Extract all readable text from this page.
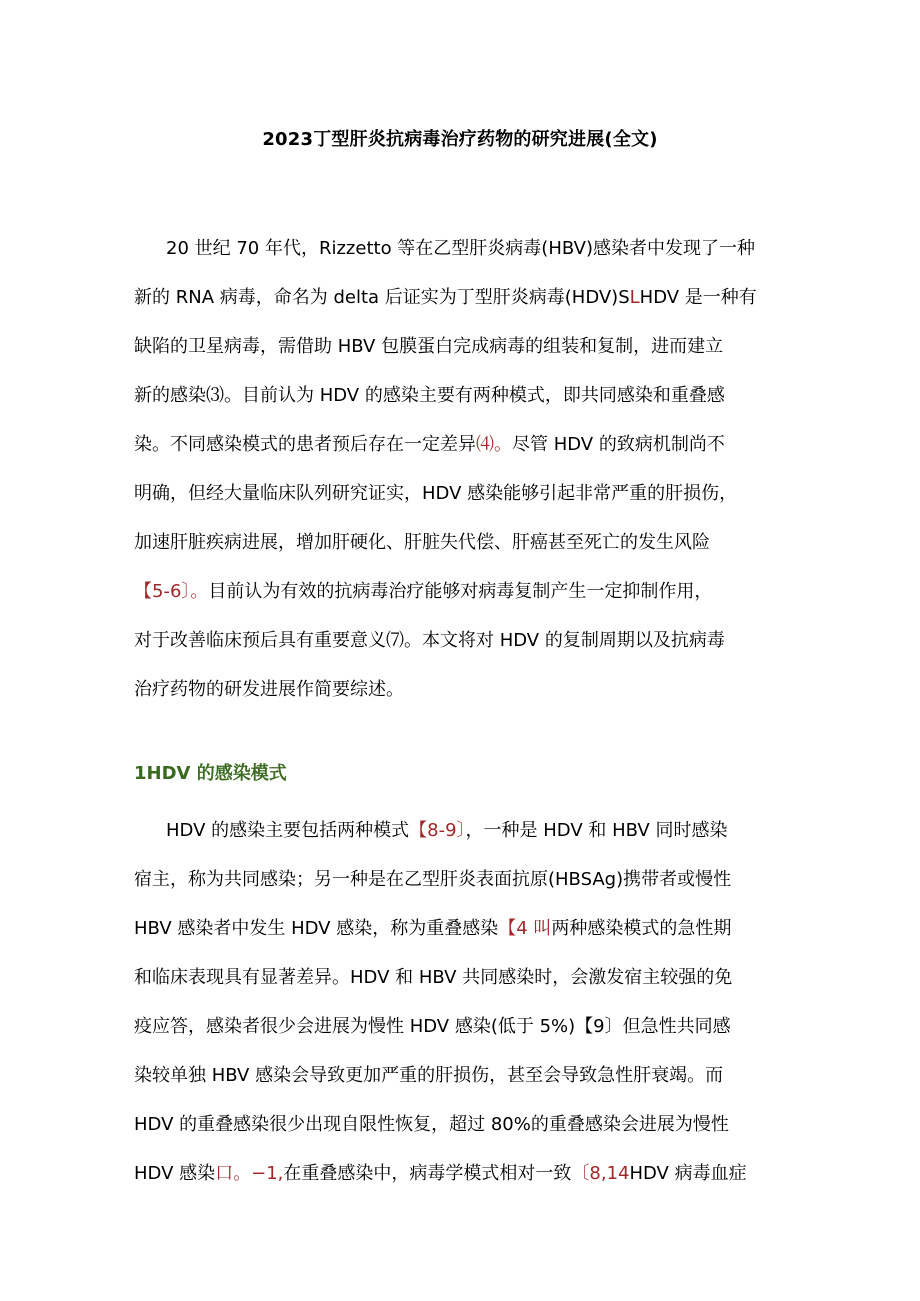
2023丁型肝炎抗病毒治疗药物的研究进展(全文)
20 世纪 70 年代，Rizzetto 等在乙型肝炎病毒(HBV)感染者中发现了一种
新的 RNA 病毒，命名为 delta 后证实为丁型肝炎病毒(HDV)SLHDV 是一种有
缺陷的卫星病毒，需借助 HBV 包膜蛋白完成病毒的组装和复制，进而建立
新的感染⑶。目前认为 HDV 的感染主要有两种模式，即共同感染和重叠感
染。不同感染模式的患者预后存在一定差异⑷。尽管 HDV 的致病机制尚不
明确，但经大量临床队列研究证实，HDV 感染能够引起非常严重的肝损伤，
加速肝脏疾病进展，增加肝硬化、肝脏失代偿、肝癌甚至死亡的发生风险
【5-6〕。目前认为有效的抗病毒治疗能够对病毒复制产生一定抑制作用，
对于改善临床预后具有重要意义⑺。本文将对 HDV 的复制周期以及抗病毒
治疗药物的研发进展作简要综述。
1HDV 的感染模式
HDV 的感染主要包括两种模式【8-9〕，一种是 HDV 和 HBV 同时感染
宿主，称为共同感染；另一种是在乙型肝炎表面抗原(HBSAg)携带者或慢性
HBV 感染者中发生 HDV 感染，称为重叠感染【4 叫两种感染模式的急性期
和临床表现具有显著差异。HDV 和 HBV 共同感染时，会激发宿主较强的免
疫应答，感染者很少会进展为慢性 HDV 感染(低于 5%)【9〕但急性共同感
染较单独 HBV 感染会导致更加严重的肝损伤，甚至会导致急性肝衰竭。而
HDV 的重叠感染很少出现自限性恢复，超过 80%的重叠感染会进展为慢性
HDV 感染口。−1,在重叠感染中，病毒学模式相对一致〔8,14HDV 病毒血症
